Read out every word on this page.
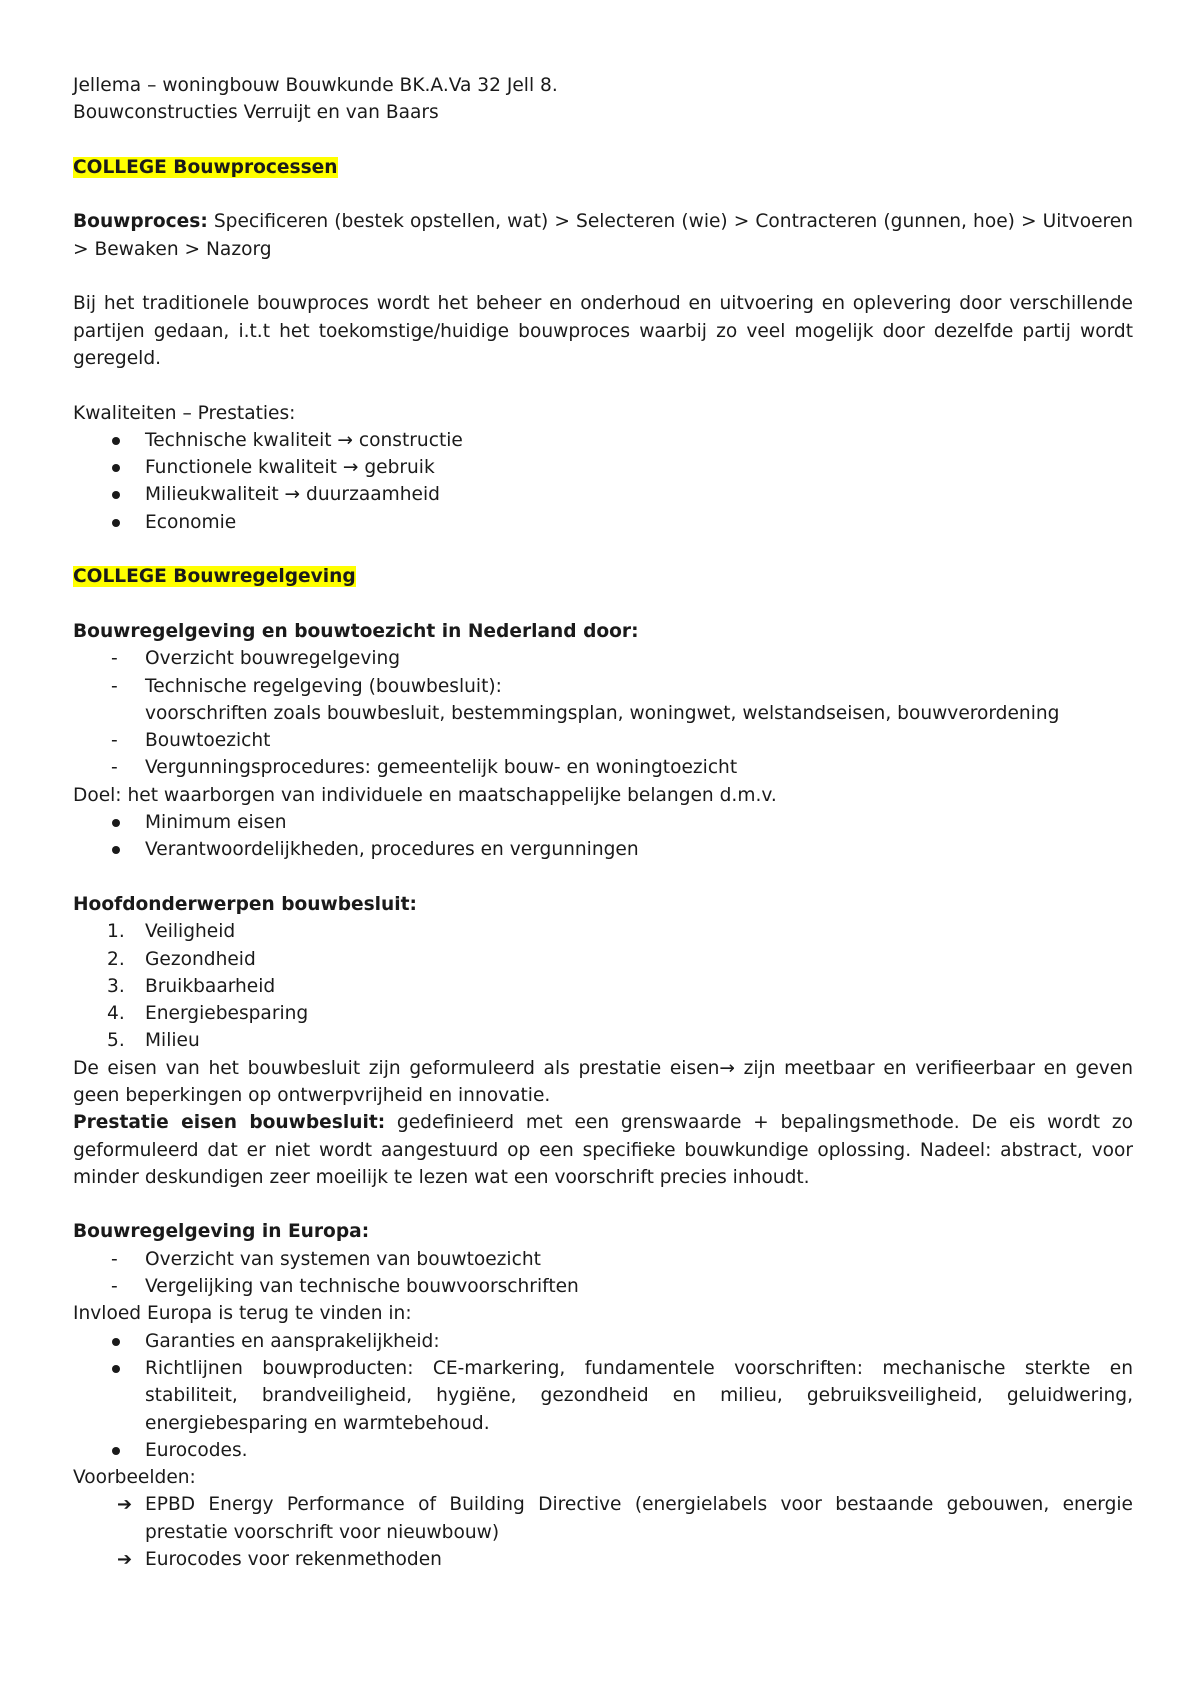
Jellema – woningbouw Bouwkunde BK.A.Va 32 Jell 8.
Bouwconstructies Verruijt en van Baars
COLLEGE Bouwprocessen
Bouwproces: Specificeren (bestek opstellen, wat) > Selecteren (wie) > Contracteren (gunnen, hoe) > Uitvoeren > Bewaken > Nazorg
Bij het traditionele bouwproces wordt het beheer en onderhoud en uitvoering en oplevering door verschillende partijen gedaan, i.t.t het toekomstige/huidige bouwproces waarbij zo veel mogelijk door dezelfde partij wordt geregeld.
Kwaliteiten – Prestaties:
Technische kwaliteit → constructie
Functionele kwaliteit → gebruik
Milieukwaliteit → duurzaamheid
Economie
COLLEGE Bouwregelgeving
Bouwregelgeving en bouwtoezicht in Nederland door:
-	Overzicht bouwregelgeving
-	Technische regelgeving (bouwbesluit):
voorschriften zoals bouwbesluit, bestemmingsplan, woningwet, welstandseisen, bouwverordening
-	Bouwtoezicht
-	Vergunningsprocedures: gemeentelijk bouw- en woningtoezicht
Doel: het waarborgen van individuele en maatschappelijke belangen d.m.v.
Minimum eisen
Verantwoordelijkheden, procedures en vergunningen
Hoofdonderwerpen bouwbesluit:
1.	Veiligheid
2.	Gezondheid
3.	Bruikbaarheid
4.	Energiebesparing
5.	Milieu
De eisen van het bouwbesluit zijn geformuleerd als prestatie eisen→ zijn meetbaar en verifieerbaar en geven geen beperkingen op ontwerpvrijheid en innovatie.
Prestatie eisen bouwbesluit: gedefinieerd met een grenswaarde + bepalingsmethode. De eis wordt zo geformuleerd dat er niet wordt aangestuurd op een specifieke bouwkundige oplossing. Nadeel: abstract, voor minder deskundigen zeer moeilijk te lezen wat een voorschrift precies inhoudt.
Bouwregelgeving in Europa:
-	Overzicht van systemen van bouwtoezicht
-	Vergelijking van technische bouwvoorschriften
Invloed Europa is terug te vinden in:
Garanties en aansprakelijkheid:
Richtlijnen bouwproducten: CE-markering, fundamentele voorschriften: mechanische sterkte en stabiliteit, brandveiligheid, hygiëne, gezondheid en milieu, gebruiksveiligheid, geluidwering, energiebesparing en warmtebehoud.
Eurocodes.
Voorbeelden:
➔ EPBD Energy Performance of Building Directive (energielabels voor bestaande gebouwen, energie prestatie voorschrift voor nieuwbouw)
➔ Eurocodes voor rekenmethoden
